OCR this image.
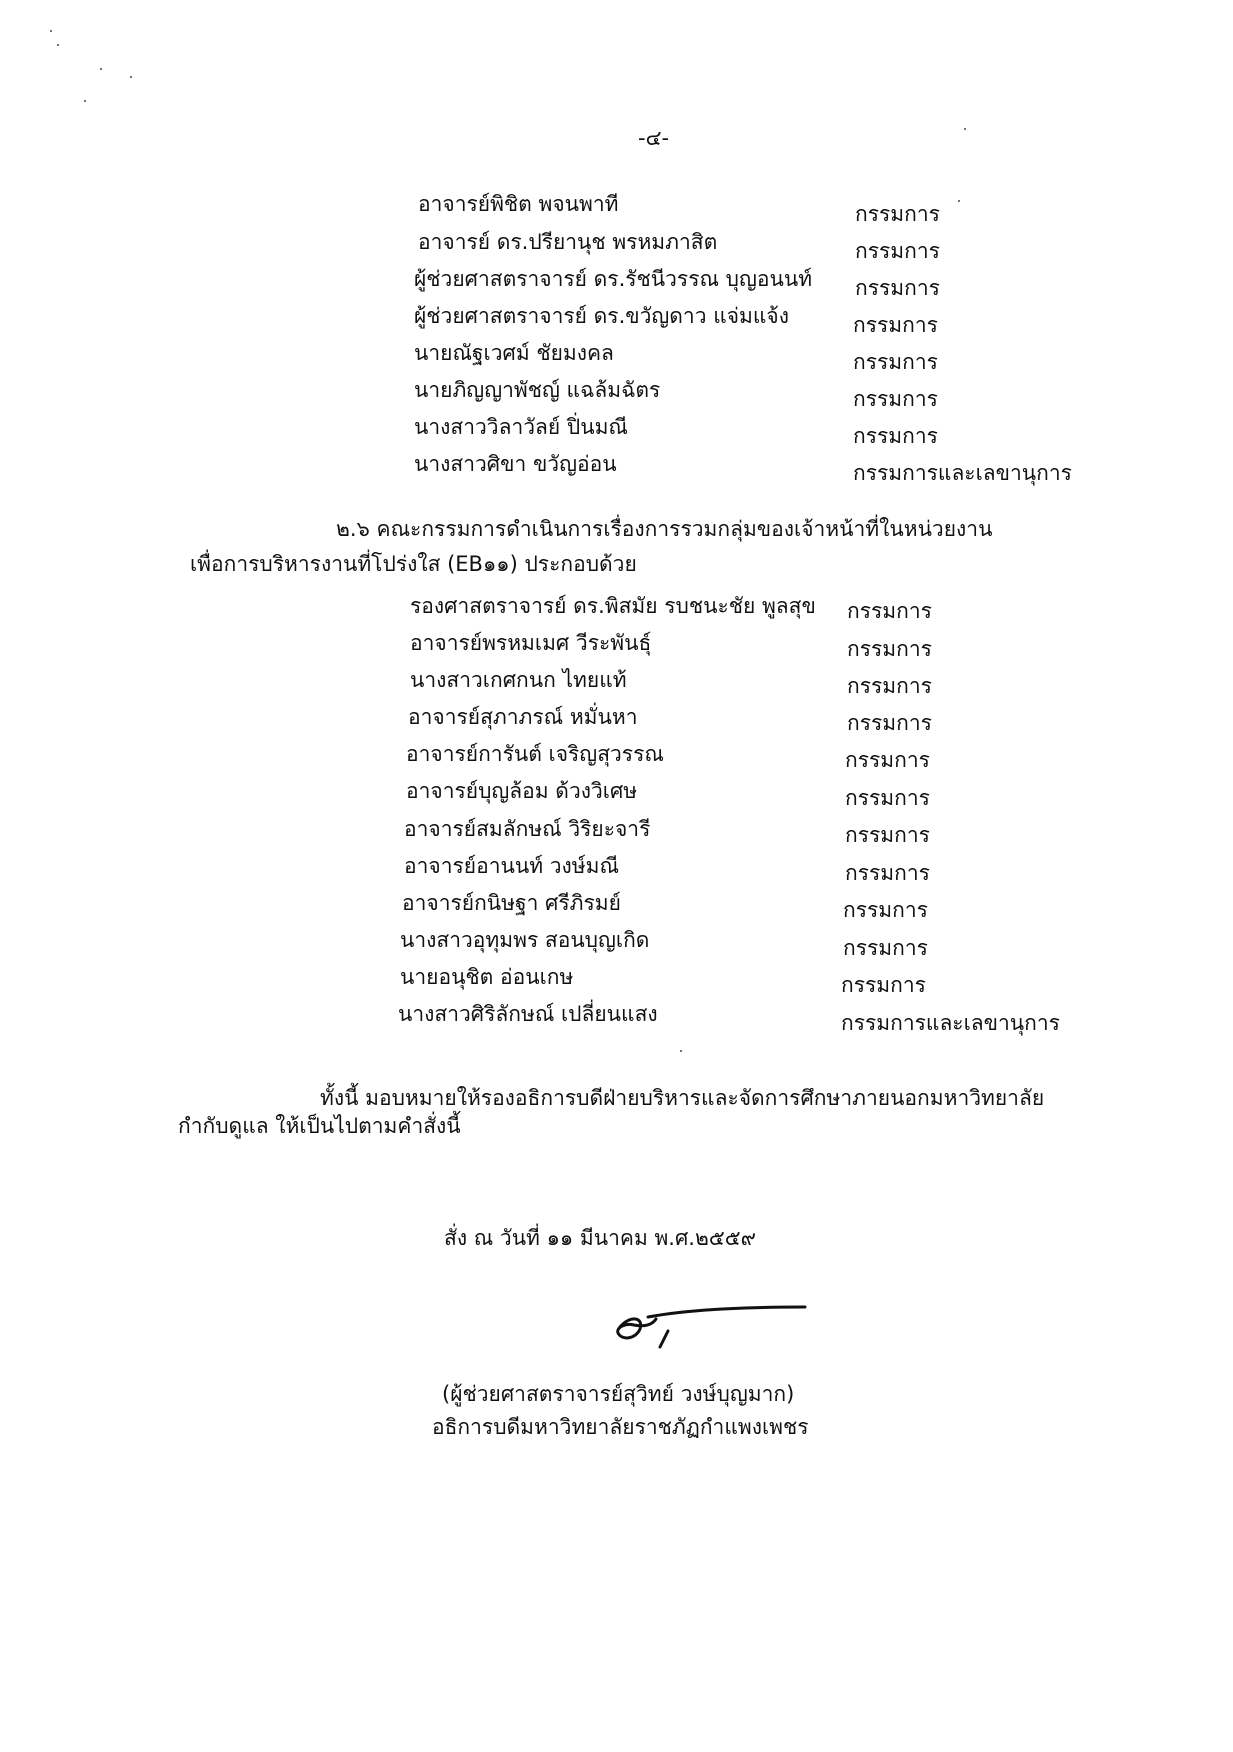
-๔-
อาจารย์พิชิต พจนพาที	กรรมการ
อาจารย์ ดร.ปรียานุช พรหมภาสิต	กรรมการ
ผู้ช่วยศาสตราจารย์ ดร.รัชนีวรรณ บุญอนนท์ กรรมการ
ผู้ช่วยศาสตราจารย์ ดร.ขวัญดาว แจ่มแจ้ง	กรรมการ
นายณัฐเวศม์ ชัยมงคล	กรรมการ
นายภิญญาพัชญ์ แฉล้มฉัตร	กรรมการ
นางสาววิลาวัลย์ ปิ่นมณี	กรรมการ
นางสาวศิขา ขวัญอ่อน	กรรมการและเลขานุการ
๒.๖ คณะกรรมการดำเนินการเรื่องการรวมกลุ่มของเจ้าหน้าที่ในหน่วยงาน
เพื่อการบริหารงานที่โปร่งใส (EB๑๑) ประกอบด้วย
รองศาสตราจารย์ ดร.พิสมัย รบชนะชัย พูลสุข กรรมการ
อาจารย์พรหมเมศ วีระพันธุ์	กรรมการ
นางสาวเกศกนก ไทยแท้	กรรมการ
อาจารย์สุภาภรณ์ หมั่นหา	กรรมการ
อาจารย์การันต์ เจริญสุวรรณ	กรรมการ
อาจารย์บุญล้อม ด้วงวิเศษ	กรรมการ
อาจารย์สมลักษณ์ วิริยะจารี	กรรมการ
อาจารย์อานนท์ วงษ์มณี	กรรมการ
อาจารย์กนิษฐา ศรีภิรมย์	กรรมการ
นางสาวอุทุมพร สอนบุญเกิด	กรรมการ
นายอนุชิต อ่อนเกษ	กรรมการ
นางสาวศิริลักษณ์ เปลี่ยนแสง	กรรมการและเลขานุการ
ทั้งนี้ มอบหมายให้รองอธิการบดีฝ่ายบริหารและจัดการศึกษาภายนอกมหาวิทยาลัย
กำกับดูแล ให้เป็นไปตามคำสั่งนี้
สั่ง ณ วันที่ ๑๑ มีนาคม พ.ศ.๒๕๕๙
(ผู้ช่วยศาสตราจารย์สุวิทย์ วงษ์บุญมาก)
อธิการบดีมหาวิทยาลัยราชภัฏกำแพงเพชร
